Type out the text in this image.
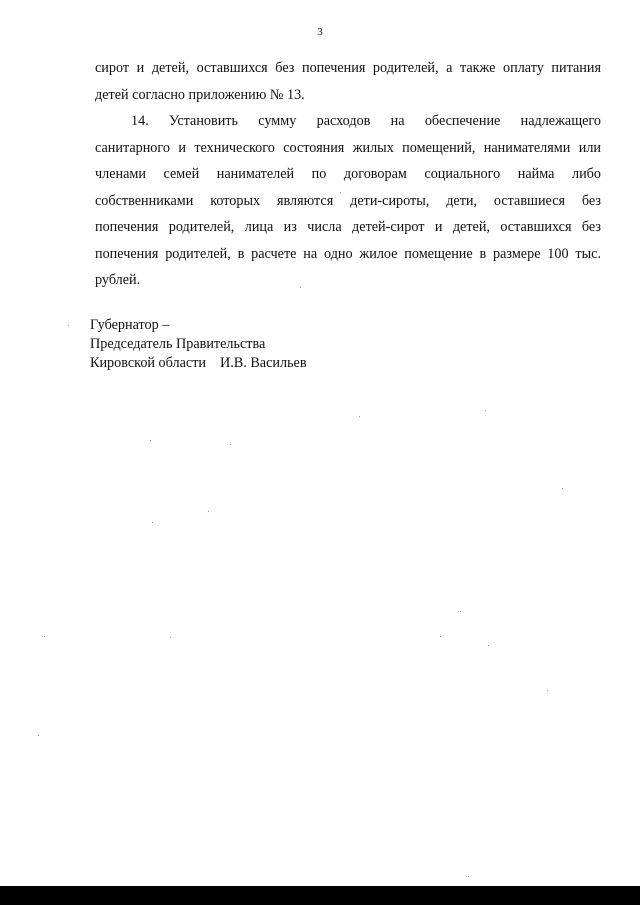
3
сирот и детей, оставшихся без попечения родителей, а также оплату питания
детей согласно приложению № 13.
14. Установить сумму расходов на обеспечение надлежащего
санитарного и технического состояния жилых помещений, нанимателями или
членами семей нанимателей по договорам социального найма либо
собственниками которых являются дети-сироты, дети, оставшиеся без
попечения родителей, лица из числа детей-сирот и детей, оставшихся без
попечения родителей, в расчете на одно жилое помещение в размере 100 тыс.
рублей.
Губернатор –
Председатель Правительства
Кировской области И.В. Васильев
